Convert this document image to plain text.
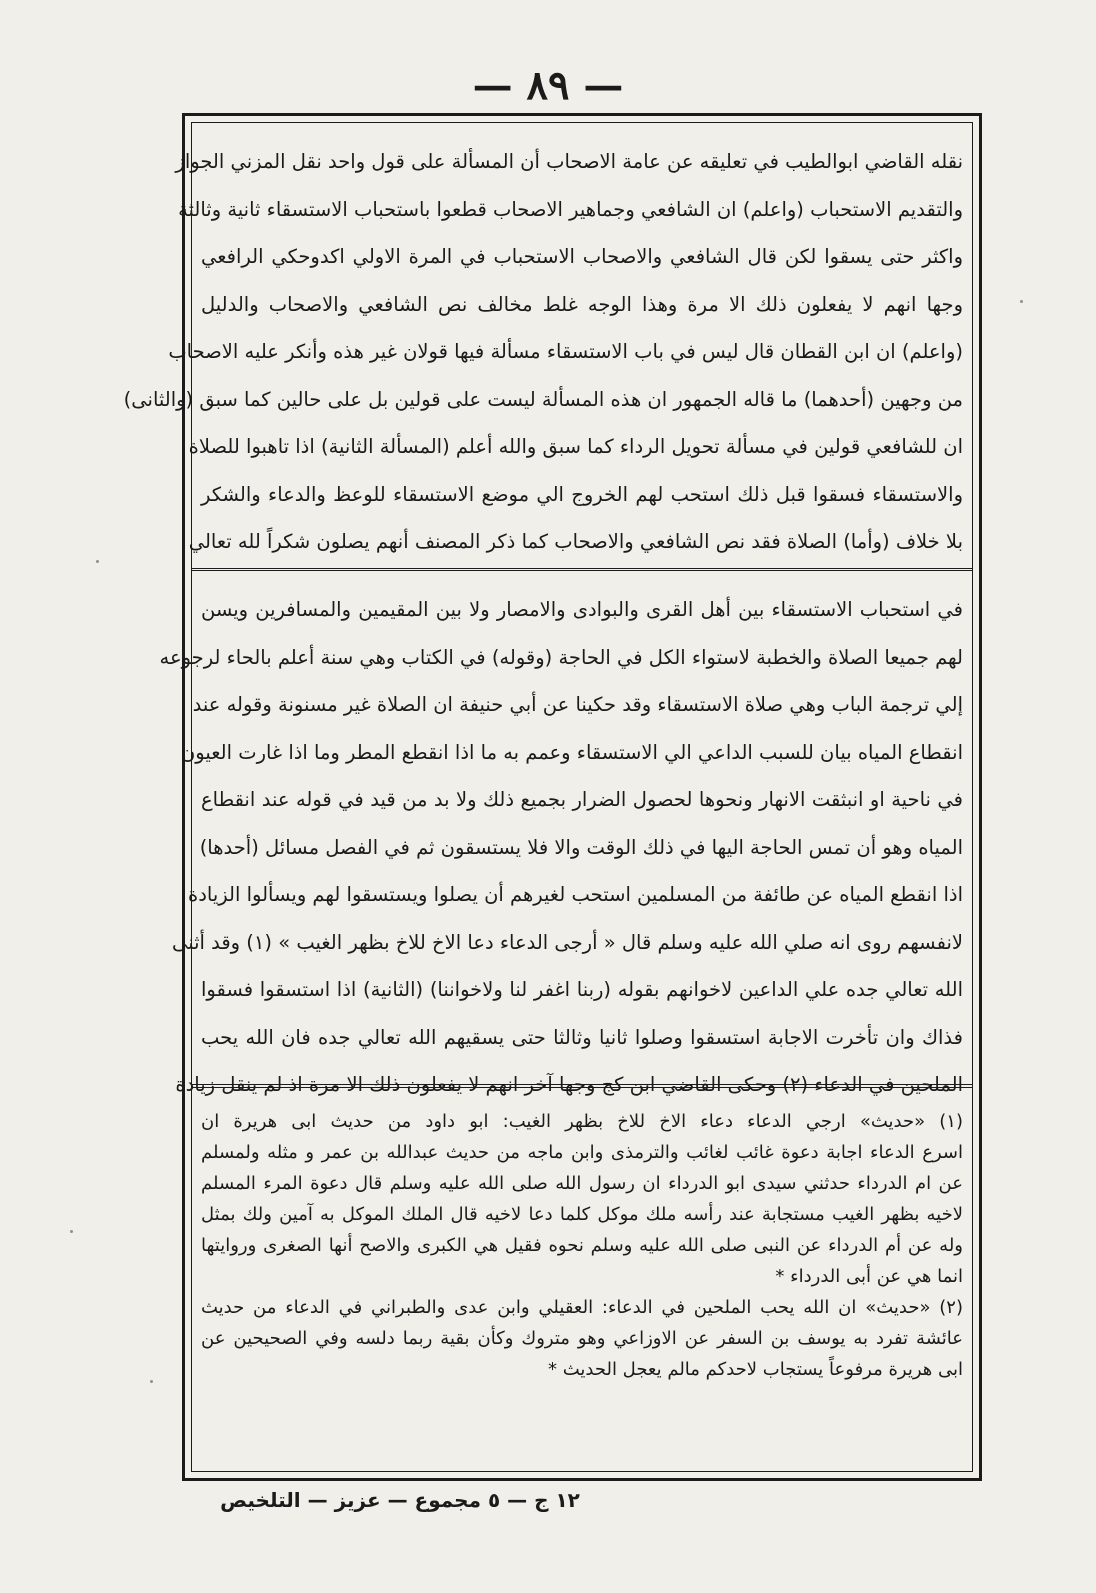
— ٨٩ —
نقله القاضي ابوالطيب في تعليقه عن عامة الاصحاب أن المسألة على قول واحد نقل المزني الجواز
والتقديم الاستحباب (واعلم) ان الشافعي وجماهير الاصحاب قطعوا باستحباب الاستسقاء ثانية وثالثة
واكثر حتى يسقوا لكن قال الشافعي والاصحاب الاستحباب في المرة الاولي اكدوحكي الرافعي
وجها انهم لا يفعلون ذلك الا مرة وهذا الوجه غلط مخالف نص الشافعي والاصحاب والدليل
(واعلم) ان ابن القطان قال ليس في باب الاستسقاء مسألة فيها قولان غير هذه وأنكر عليه الاصحاب
من وجهين (أحدهما) ما قاله الجمهور ان هذه المسألة ليست على قولين بل على حالين كما سبق (والثانى)
ان للشافعي قولين في مسألة تحويل الرداء كما سبق والله أعلم (المسألة الثانية) اذا تاهبوا للصلاة
والاستسقاء فسقوا قبل ذلك استحب لهم الخروج الي موضع الاستسقاء للوعظ والدعاء والشكر
بلا خلاف (وأما) الصلاة فقد نص الشافعي والاصحاب كما ذكر المصنف أنهم يصلون شكراً لله تعالي
في استحباب الاستسقاء بين أهل القرى والبوادى والامصار ولا بين المقيمين والمسافرين ويسن
لهم جميعا الصلاة والخطبة لاستواء الكل في الحاجة (وقوله) في الكتاب وهي سنة أعلم بالحاء لرجوعه
إلي ترجمة الباب وهي صلاة الاستسقاء وقد حكينا عن أبي حنيفة ان الصلاة غير مسنونة وقوله عند
انقطاع المياه بيان للسبب الداعي الي الاستسقاء وعمم به ما اذا انقطع المطر وما اذا غارت العيون
في ناحية او انبثقت الانهار ونحوها لحصول الضرار بجميع ذلك ولا بد من قيد في قوله عند انقطاع
المياه وهو أن تمس الحاجة اليها في ذلك الوقت والا فلا يستسقون ثم في الفصل مسائل (أحدها)
اذا انقطع المياه عن طائفة من المسلمين استحب لغيرهم أن يصلوا ويستسقوا لهم ويسألوا الزيادة
لانفسهم روى انه صلي الله عليه وسلم قال « أرجى الدعاء دعا الاخ للاخ بظهر الغيب » (١) وقد أثنى
الله تعالي جده علي الداعين لاخوانهم بقوله (ربنا اغفر لنا ولاخواننا) (الثانية) اذا استسقوا فسقوا
فذاك وان تأخرت الاجابة استسقوا وصلوا ثانيا وثالثا حتى يسقيهم الله تعالي جده فان الله يحب
الملحين في الدعاء (٢) وحكى القاضي ابن كج وجها آخر انهم لا يفعلون ذلك الا مرة اذ لم ينقل زيادة
(١) «حديث» ارجي الدعاء دعاء الاخ للاخ بظهر الغيب: ابو داود من حديث ابى هريرة ان
اسرع الدعاء اجابة دعوة غائب لغائب والترمذى وابن ماجه من حديث عبدالله بن عمر و مثله ولمسلم
عن ام الدرداء حدثني سيدى ابو الدرداء ان رسول الله صلى الله عليه وسلم قال دعوة المرء المسلم
لاخيه بظهر الغيب مستجابة عند رأسه ملك موكل كلما دعا لاخيه قال الملك الموكل به آمين ولك بمثل
وله عن أم الدرداء عن النبى صلى الله عليه وسلم نحوه فقيل هي الكبرى والاصح أنها الصغرى وروايتها
انما هي عن أبى الدرداء *
(٢) «حديث» ان الله يحب الملحين في الدعاء: العقيلي وابن عدى والطبراني في الدعاء من حديث
عائشة تفرد به يوسف بن السفر عن الاوزاعي وهو متروك وكأن بقية ربما دلسه وفي الصحيحين عن
ابى هريرة مرفوعاً يستجاب لاحدكم مالم يعجل الحديث *
١٢ ج — ٥ مجموع — عزيز — التلخيص
